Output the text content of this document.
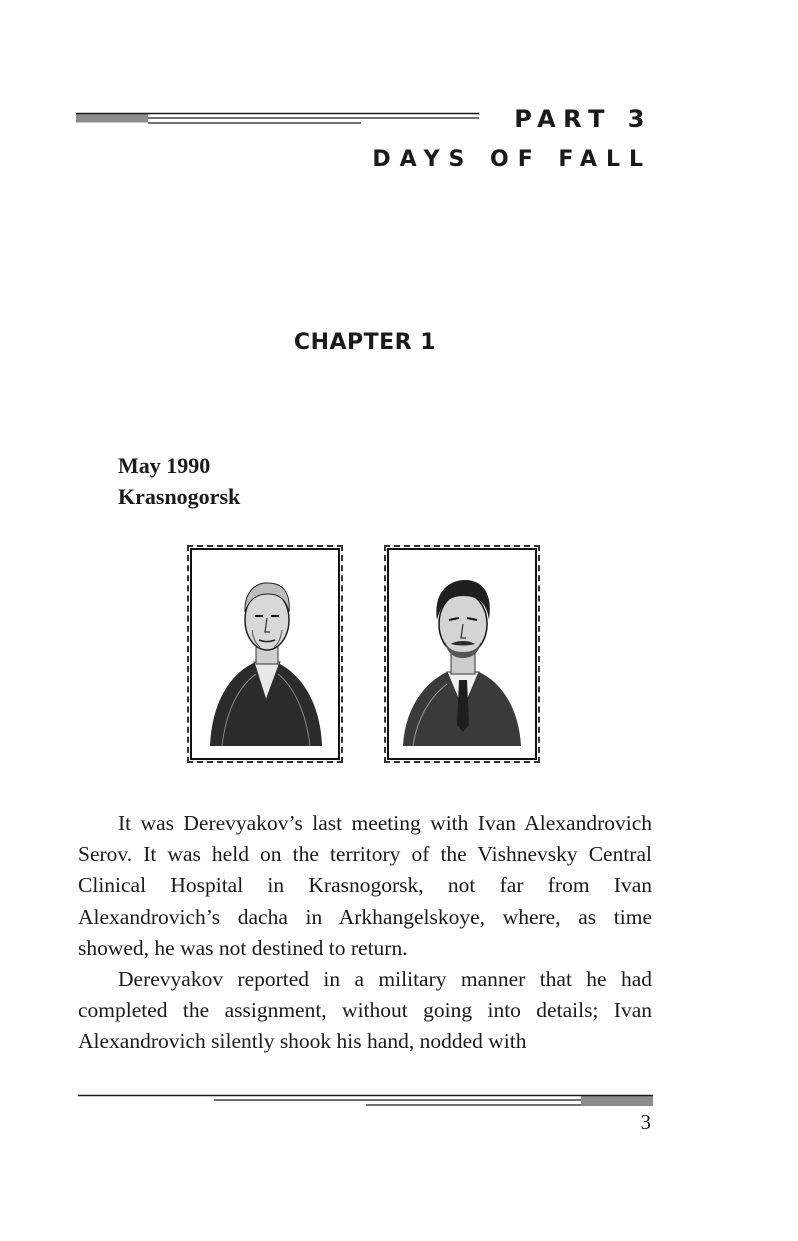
PART 3
DAYS OF FALL
CHAPTER 1
May 1990
Krasnogorsk

It was Derevyakov’s last meeting with Ivan Alexandrovich Serov. It was held on the territory of the Vishnevsky Central Clinical Hospital in Krasnogorsk, not far from Ivan Alexandrovich’s dacha in Arkhangelskoye, where, as time showed, he was not destined to return.

Derevyakov reported in a military manner that he had completed the assignment, without going into details; Ivan Alexandrovich silently shook his hand, nodded with

3
